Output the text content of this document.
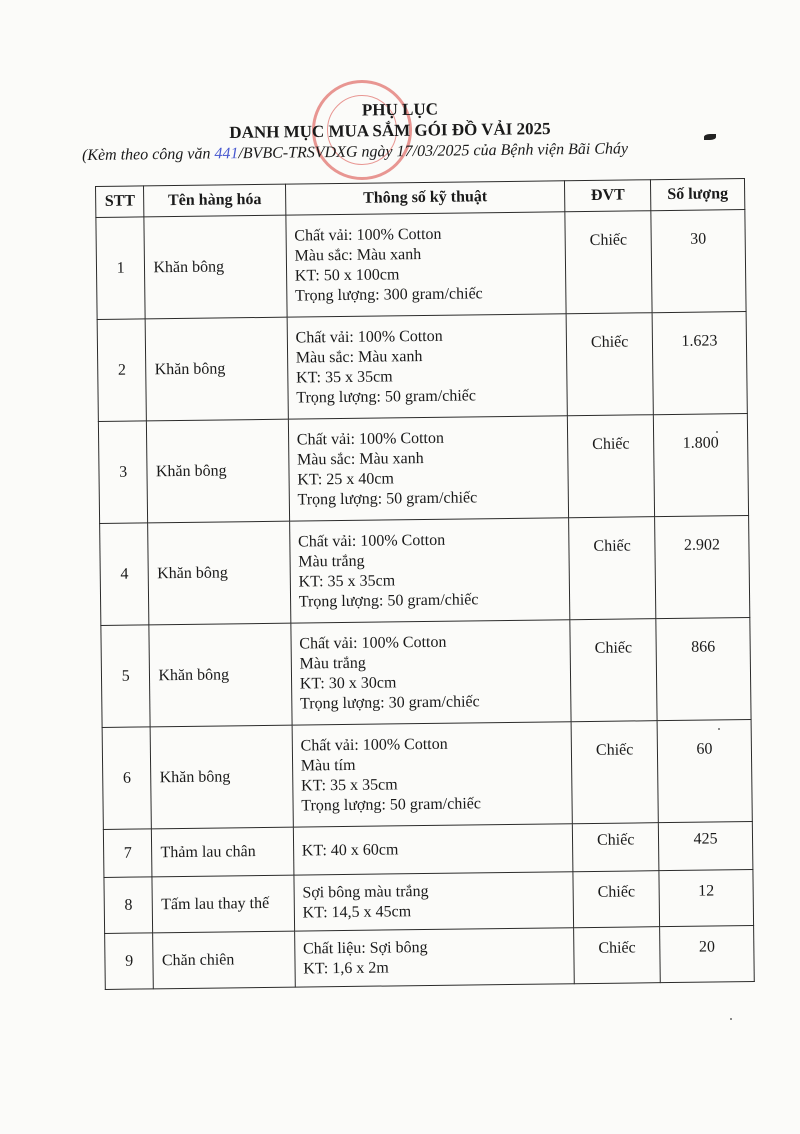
PHỤ LỤC
DANH MỤC MUA SẮM GÓI ĐỒ VẢI 2025
(Kèm theo công văn 441/BVBC-TRSVDXG ngày 17/03/2025 của Bệnh viện Bãi Cháy
STT	Tên hàng hóa	Thông số kỹ thuật	ĐVT	Số lượng
1	Khăn bông	Chất vải: 100% Cotton
Màu sắc: Màu xanh
KT: 50 x 100cm
Trọng lượng: 300 gram/chiếc	Chiếc	30
2	Khăn bông	Chất vải: 100% Cotton
Màu sắc: Màu xanh
KT: 35 x 35cm
Trọng lượng: 50 gram/chiếc	Chiếc	1.623
3	Khăn bông	Chất vải: 100% Cotton
Màu sắc: Màu xanh
KT: 25 x 40cm
Trọng lượng: 50 gram/chiếc	Chiếc	1.800
4	Khăn bông	Chất vải: 100% Cotton
Màu trắng
KT: 35 x 35cm
Trọng lượng: 50 gram/chiếc	Chiếc	2.902
5	Khăn bông	Chất vải: 100% Cotton
Màu trắng
KT: 30 x 30cm
Trọng lượng: 30 gram/chiếc	Chiếc	866
6	Khăn bông	Chất vải: 100% Cotton
Màu tím
KT: 35 x 35cm
Trọng lượng: 50 gram/chiếc	Chiếc	60
7	Thảm lau chân	KT: 40 x 60cm	Chiếc	425
8	Tấm lau thay thế	Sợi bông màu trắng
KT: 14,5 x 45cm	Chiếc	12
9	Chăn chiên	Chất liệu: Sợi bông
KT: 1,6 x 2m	Chiếc	20
